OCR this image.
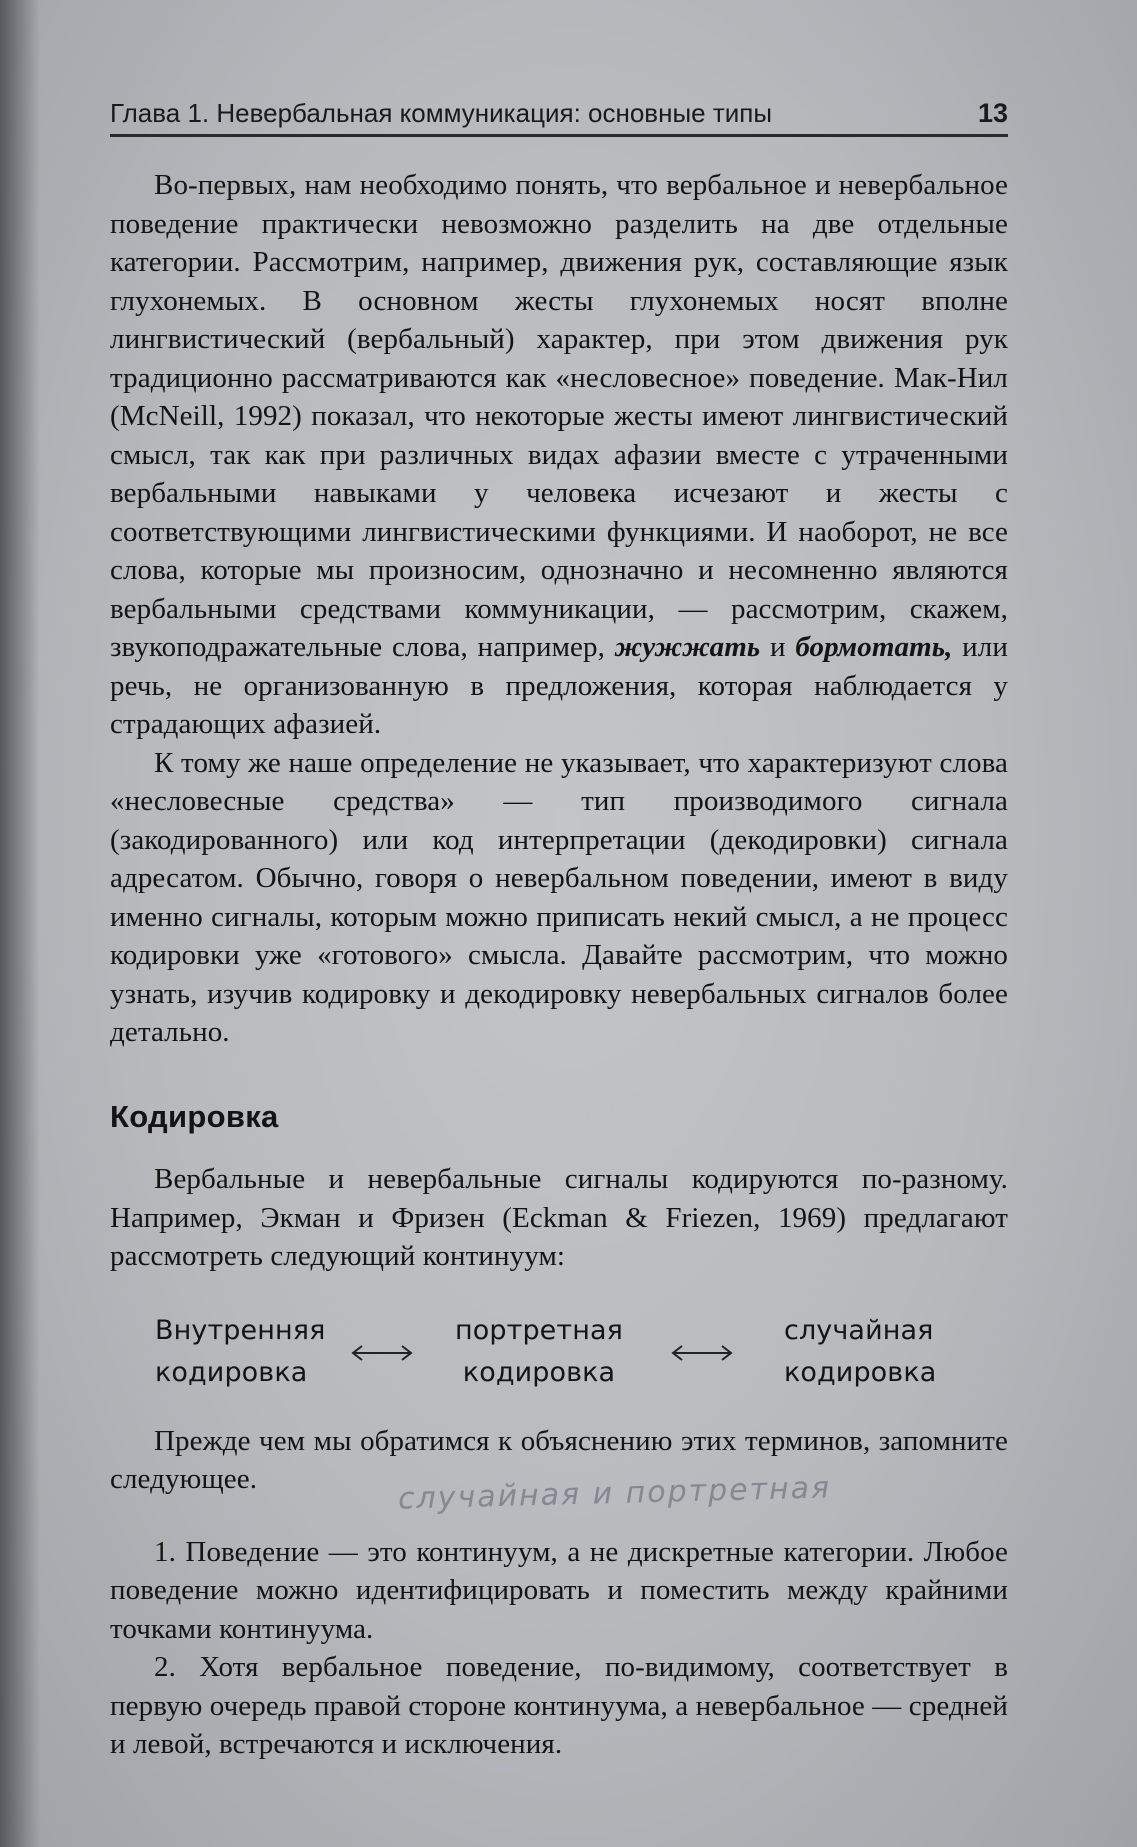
Глава 1. Невербальная коммуникация: основные типы	13

Во-первых, нам необходимо понять, что вербальное и невербальное поведение практически невозможно разделить на две отдельные категории. Рассмотрим, например, движения рук, составляющие язык глухонемых. В основном жесты глухонемых носят вполне лингвистический (вербальный) характер, при этом движения рук традиционно рассматриваются как «несловесное» поведение. Мак-Нил (McNeill, 1992) показал, что некоторые жесты имеют лингвистический смысл, так как при различных видах афазии вместе с утраченными вербальными навыками у человека исчезают и жесты с соответствующими лингвистическими функциями. И наоборот, не все слова, которые мы произносим, однозначно и несомненно являются вербальными средствами коммуникации, — рассмотрим, скажем, звукоподражательные слова, например, жужжать и бормотать, или речь, не организованную в предложения, которая наблюдается у страдающих афазией.

К тому же наше определение не указывает, что характеризуют слова «несловесные средства» — тип производимого сигнала (закодированного) или код интерпретации (декодировки) сигнала адресатом. Обычно, говоря о невербальном поведении, имеют в виду именно сигналы, которым можно приписать некий смысл, а не процесс кодировки уже «готового» смысла. Давайте рассмотрим, что можно узнать, изучив кодировку и декодировку невербальных сигналов более детально.

Кодировка

Вербальные и невербальные сигналы кодируются по-разному. Например, Экман и Фризен (Eckman & Friezen, 1969) предлагают рассмотреть следующий континуум:

Внутренняя
кодировка
портретная
кодировка
случайная
кодировка

Прежде чем мы обратимся к объяснению этих терминов, запомните следующее.

1. Поведение — это континуум, а не дискретные категории. Любое поведение можно идентифицировать и поместить между крайними точками континуума.

2. Хотя вербальное поведение, по-видимому, соответствует в первую очередь правой стороне континуума, а невербальное — средней и левой, встречаются и исключения.

случайная и портретная
